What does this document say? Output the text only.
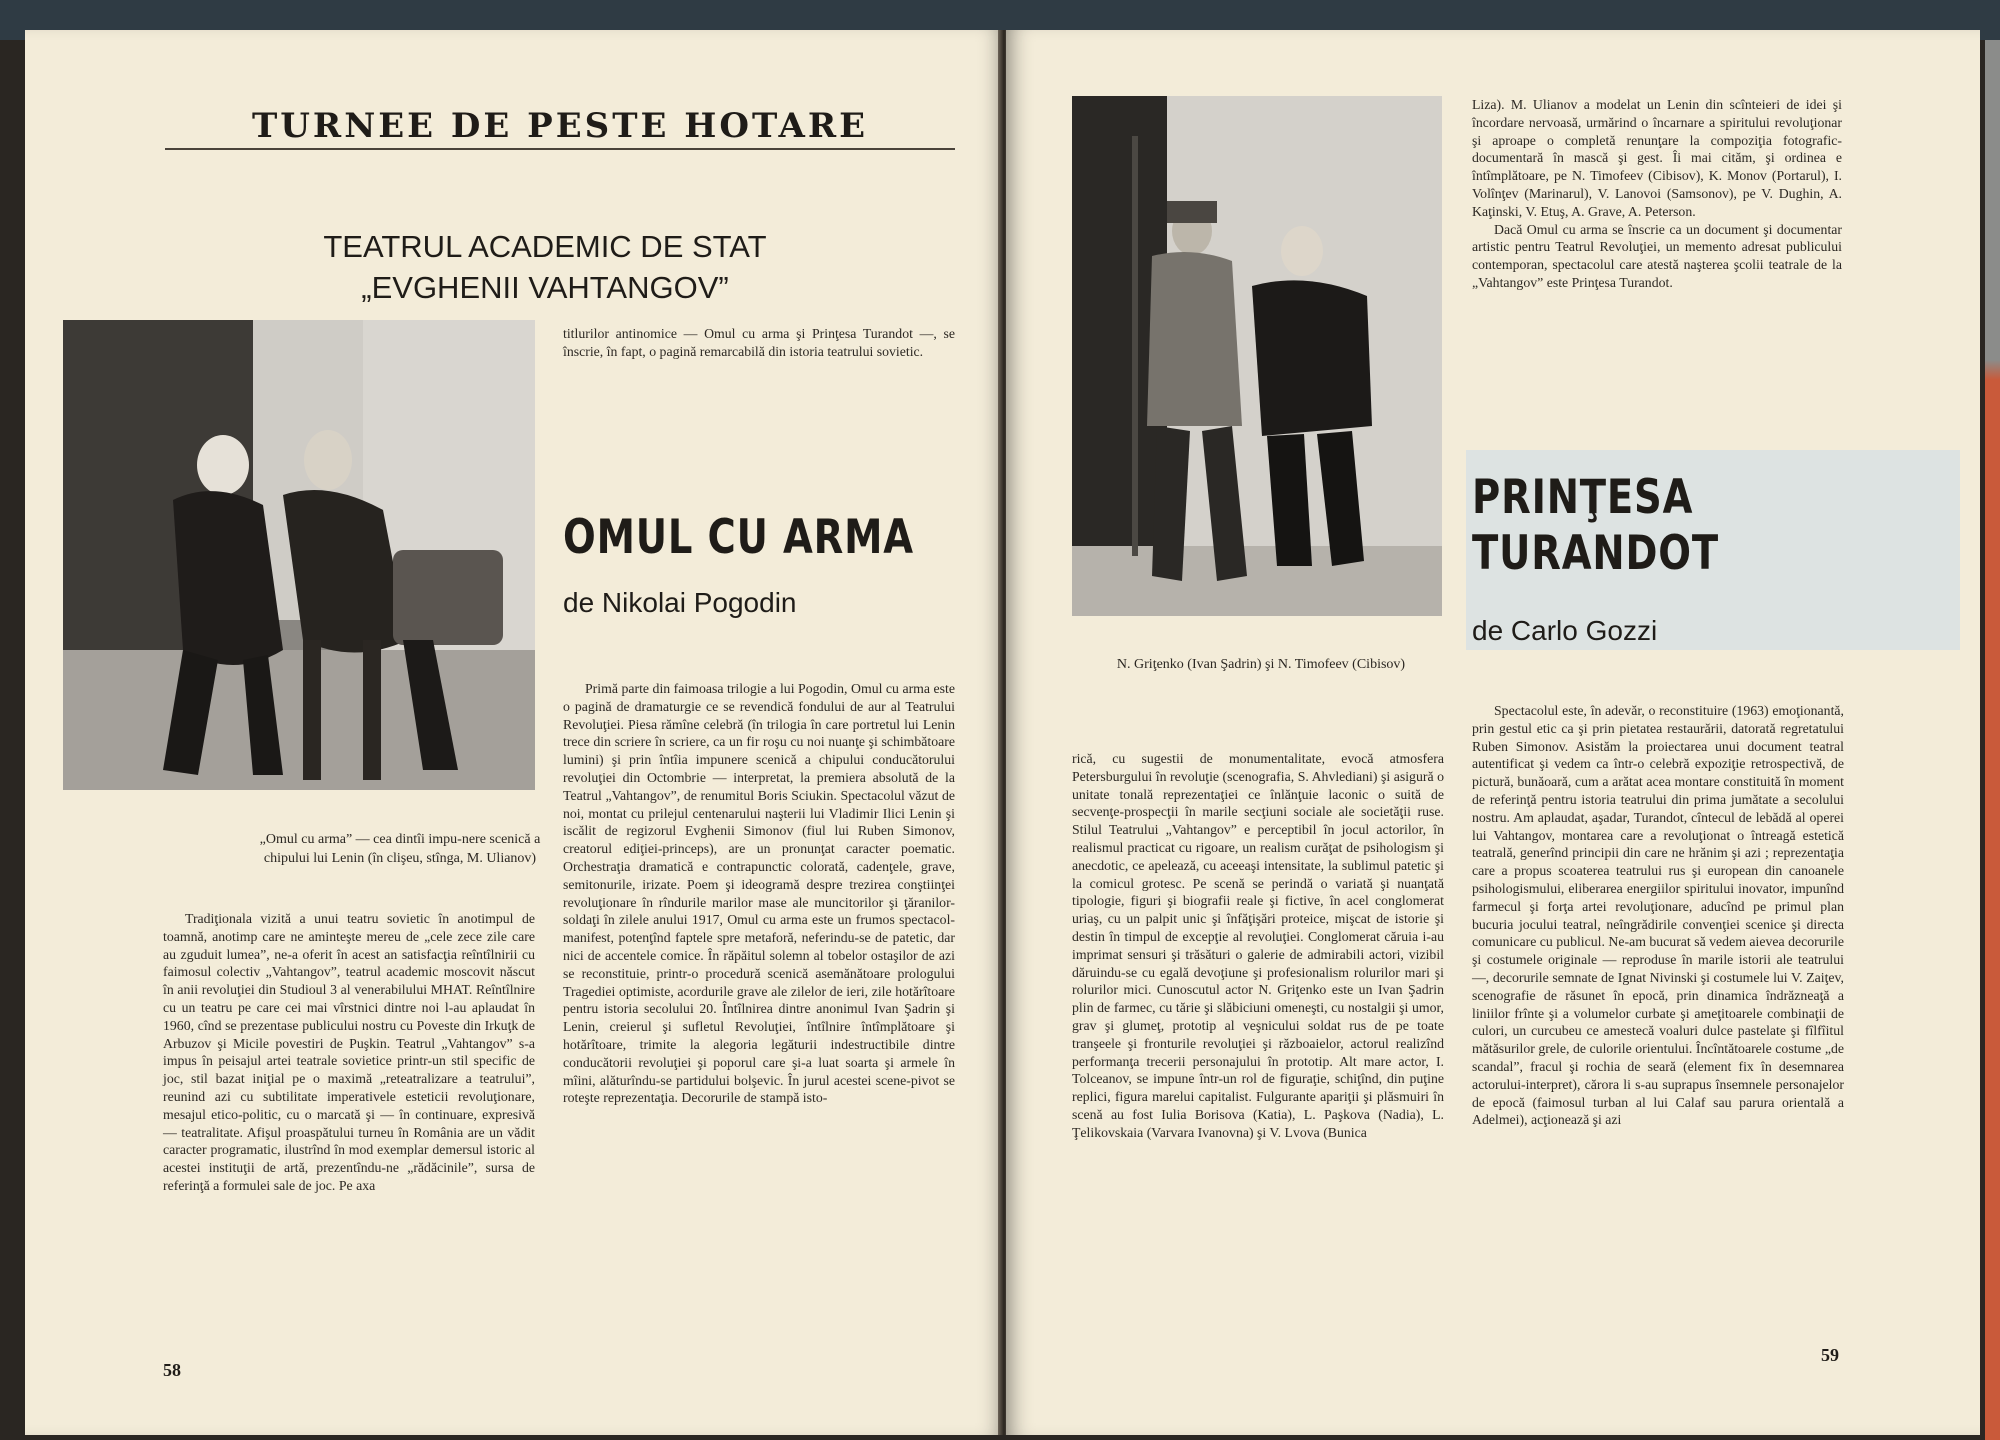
TURNEE DE PESTE HOTARE
TEATRUL ACADEMIC DE STAT
„EVGHENII VAHTANGOV”
„Omul cu arma” — cea dintîi impu-nere scenică a chipului lui Lenin (în clişeu, stînga, M. Ulianov)

Tradiţionala vizită a unui teatru sovietic în anotimpul de toamnă, anotimp care ne aminteşte mereu de „cele zece zile care au zguduit lumea”, ne-a oferit în acest an satisfacţia reîntîlnirii cu faimosul colectiv „Vahtangov”, teatrul academic moscovit născut în anii revoluţiei din Studioul 3 al venerabilului MHAT. Reîntîlnire cu un teatru pe care cei mai vîrstnici dintre noi l-au aplaudat în 1960, cînd se prezentase publicului nostru cu Poveste din Irkuţk de Arbuzov şi Micile povestiri de Puşkin. Teatrul „Vahtangov” s-a impus în peisajul artei teatrale sovietice printr-un stil specific de joc, stil bazat iniţial pe o maximă „reteatralizare a teatrului”, reunind azi cu subtilitate imperativele esteticii revoluţionare, mesajul etico-politic, cu o marcată şi — în continuare, expresivă — teatralitate. Afişul proaspătului turneu în România are un vădit caracter programatic, ilustrînd în mod exemplar demersul istoric al acestei instituţii de artă, prezentîndu-ne „rădăcinile”, sursa de referinţă a formulei sale de joc. Pe axa

titlurilor antinomice — Omul cu arma şi Prinţesa Turandot —, se înscrie, în fapt, o pagină remarcabilă din istoria teatrului sovietic.

OMUL CU ARMA
de Nikolai Pogodin

Primă parte din faimoasa trilogie a lui Pogodin, Omul cu arma este o pagină de dramaturgie ce se revendică fondului de aur al Teatrului Revoluţiei. Piesa rămîne celebră (în trilogia în care portretul lui Lenin trece din scriere în scriere, ca un fir roşu cu noi nuanţe şi schimbătoare lumini) şi prin întîia impunere scenică a chipului conducătorului revoluţiei din Octombrie — interpretat, la premiera absolută de la Teatrul „Vahtangov”, de renumitul Boris Sciukin. Spectacolul văzut de noi, montat cu prilejul centenarului naşterii lui Vladimir Ilici Lenin şi iscălit de regizorul Evghenii Simonov (fiul lui Ruben Simonov, creatorul ediţiei-princeps), are un pronunţat caracter poematic. Orchestraţia dramatică e contrapunctic colorată, cadenţele, grave, semitonurile, irizate. Poem şi ideogramă despre trezirea conştiinţei revoluţionare în rîndurile marilor mase ale muncitorilor şi ţăranilor-soldaţi în zilele anului 1917, Omul cu arma este un frumos spectacol-manifest, potenţînd faptele spre metaforă, neferindu-se de patetic, dar nici de accentele comice. În răpăitul solemn al tobelor ostaşilor de azi se reconstituie, printr-o procedură scenică asemănătoare prologului Tragediei optimiste, acordurile grave ale zilelor de ieri, zile hotărîtoare pentru istoria secolului 20. Întîlnirea dintre anonimul Ivan Şadrin şi Lenin, creierul şi sufletul Revoluţiei, întîlnire întîmplătoare şi hotărîtoare, trimite la alegoria legăturii indestructibile dintre conducătorii revoluţiei şi poporul care şi-a luat soarta şi armele în mîini, alăturîndu-se partidului bolşevic. În jurul acestei scene-pivot se roteşte reprezentaţia. Decorurile de stampă isto-

58
N. Griţenko (Ivan Şadrin) şi N. Timofeev (Cibisov)

Liza). M. Ulianov a modelat un Lenin din scînteieri de idei şi încordare nervoasă, urmărind o încarnare a spiritului revoluţionar şi aproape o completă renunţare la compoziţia fotografic-documentară în mască şi gest. Îi mai cităm, şi ordinea e întîmplătoare, pe N. Timofeev (Cibisov), K. Monov (Portarul), I. Volînţev (Marinarul), V. Lanovoi (Samsonov), pe V. Dughin, A. Kaţinski, V. Etuş, A. Grave, A. Peterson.

Dacă Omul cu arma se înscrie ca un document şi documentar artistic pentru Teatrul Revoluţiei, un memento adresat publicului contemporan, spectacolul care atestă naşterea şcolii teatrale de la „Vahtangov” este Prinţesa Turandot.

PRINŢESA
TURANDOT
de Carlo Gozzi

rică, cu sugestii de monumentalitate, evocă atmosfera Petersburgului în revoluţie (scenografia, S. Ahvlediani) şi asigură o unitate tonală reprezentaţiei ce înlănţuie laconic o suită de secvenţe-prospecţii în marile secţiuni sociale ale societăţii ruse. Stilul Teatrului „Vahtangov” e perceptibil în jocul actorilor, în realismul practicat cu rigoare, un realism curăţat de psihologism şi anecdotic, ce apelează, cu aceeaşi intensitate, la sublimul patetic şi la comicul grotesc. Pe scenă se perindă o variată şi nuanţată tipologie, figuri şi biografii reale şi fictive, în acel conglomerat uriaş, cu un palpit unic şi înfăţişări proteice, mişcat de istorie şi destin în timpul de excepţie al revoluţiei. Conglomerat căruia i-au imprimat sensuri şi trăsături o galerie de admirabili actori, vizibil dăruindu-se cu egală devoţiune şi profesionalism rolurilor mari şi rolurilor mici. Cunoscutul actor N. Griţenko este un Ivan Şadrin plin de farmec, cu tărie şi slăbiciuni omeneşti, cu nostalgii şi umor, grav şi glumeţ, prototip al veşnicului soldat rus de pe toate tranşeele şi fronturile revoluţiei şi războaielor, actorul realizînd performanţa trecerii personajului în prototip. Alt mare actor, I. Tolceanov, se impune într-un rol de figuraţie, schiţînd, din puţine replici, figura marelui capitalist. Fulgurante apariţii şi plăsmuiri în scenă au fost Iulia Borisova (Katia), L. Paşkova (Nadia), L. Ţelikovskaia (Varvara Ivanovna) şi V. Lvova (Bunica

Spectacolul este, în adevăr, o reconstituire (1963) emoţionantă, prin gestul etic ca şi prin pietatea restaurării, datorată regretatului Ruben Simonov. Asistăm la proiectarea unui document teatral autentificat şi vedem ca într-o celebră expoziţie retrospectivă, de pictură, bunăoară, cum a arătat acea montare constituită în moment de referinţă pentru istoria teatrului din prima jumătate a secolului nostru. Am aplaudat, aşadar, Turandot, cîntecul de lebădă al operei lui Vahtangov, montarea care a revoluţionat o întreagă estetică teatrală, generînd principii din care ne hrănim şi azi ; reprezentaţia care a propus scoaterea teatrului rus şi european din canoanele psihologismului, eliberarea energiilor spiritului inovator, impunînd farmecul şi forţa artei revoluţionare, aducînd pe primul plan bucuria jocului teatral, neîngrădirile convenţiei scenice şi directa comunicare cu publicul. Ne-am bucurat să vedem aievea decorurile şi costumele originale — reproduse în marile istorii ale teatrului —, decorurile semnate de Ignat Nivinski şi costumele lui V. Zaiţev, scenografie de răsunet în epocă, prin dinamica îndrăzneaţă a liniilor frînte şi a volumelor curbate şi ameţitoarele combinaţii de culori, un curcubeu ce amestecă voaluri dulce pastelate şi fîlfîitul mătăsurilor grele, de culorile orientului. Încîntătoarele costume „de scandal”, fracul şi rochia de seară (element fix în desemnarea actorului-interpret), cărora li s-au suprapus însemnele personajelor de epocă (faimosul turban al lui Calaf sau parura orientală a Adelmei), acţionează şi azi

59
